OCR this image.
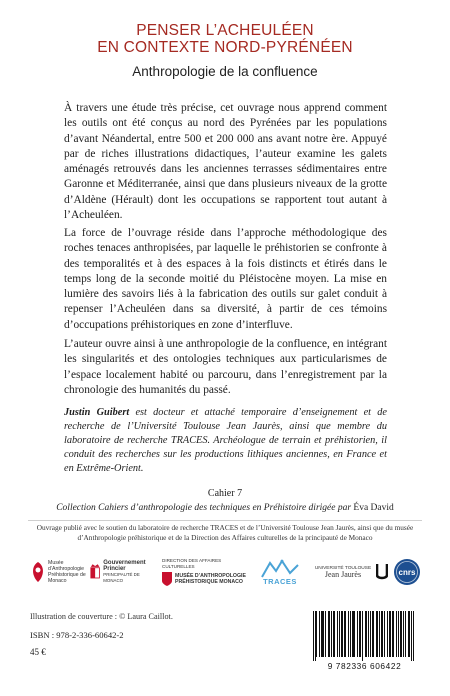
PENSER L’ACHEULÉEN
EN CONTEXTE NORD-PYRÉNÉEN
Anthropologie de la confluence

À travers une étude très précise, cet ouvrage nous apprend comment les outils ont été conçus au nord des Pyrénées par les populations d’avant Néandertal, entre 500 et 200 000 ans avant notre ère. Appuyé par de riches illustrations didactiques, l’auteur examine les galets aménagés retrouvés dans les anciennes terrasses sédimentaires entre Garonne et Méditerranée, ainsi que dans plusieurs niveaux de la grotte d’Aldène (Hérault) dont les occupations se rapportent tout autant à l’Acheuléen.

La force de l’ouvrage réside dans l’approche méthodologique des roches tenaces anthropisées, par laquelle le préhistorien se confronte à des temporalités et à des espaces à la fois distincts et étirés dans le temps long de la seconde moitié du Pléistocène moyen. La mise en lumière des savoirs liés à la fabrication des outils sur galet conduit à repenser l’Acheuléen dans sa diversité, à partir de ces témoins d’occupations préhistoriques en zone d’interfluve.

L’auteur ouvre ainsi à une anthropologie de la confluence, en intégrant les singularités et des ontologies techniques aux particularismes de l’espace localement habité ou parcouru, dans l’enregistrement par la chronologie des humanités du passé.

Justin Guibert est docteur et attaché temporaire d’enseignement et de recherche de l’Université Toulouse Jean Jaurès, ainsi que membre du laboratoire de recherche TRACES. Archéologue de terrain et préhistorien, il conduit des recherches sur les productions lithiques anciennes, en France et en Extrême-Orient.

Cahier 7
Collection Cahiers d’anthropologie des techniques en Préhistoire dirigée par Éva David
Ouvrage publié avec le soutien du laboratoire de recherche TRACES et de l’Université Toulouse Jean Jaurès, ainsi que du musée d’Anthropologie préhistorique et de la Direction des Affaires culturelles de la principauté de Monaco
Musée d’Anthropologie Préhistorique de Monaco
Gouvernement Princier
PRINCIPAUTÉ DE MONACO
DIRECTION DES AFFAIRES CULTURELLES
MUSÉE D’ANTHROPOLOGIE
PRÉHISTORIQUE MONACO	TRACES
UNIVERSITÉ TOULOUSE
Jean Jaurès	cnrs
Illustration de couverture : © Laura Caillot.
ISBN : 978-2-336-60642-2
45 €
9 782336 606422
